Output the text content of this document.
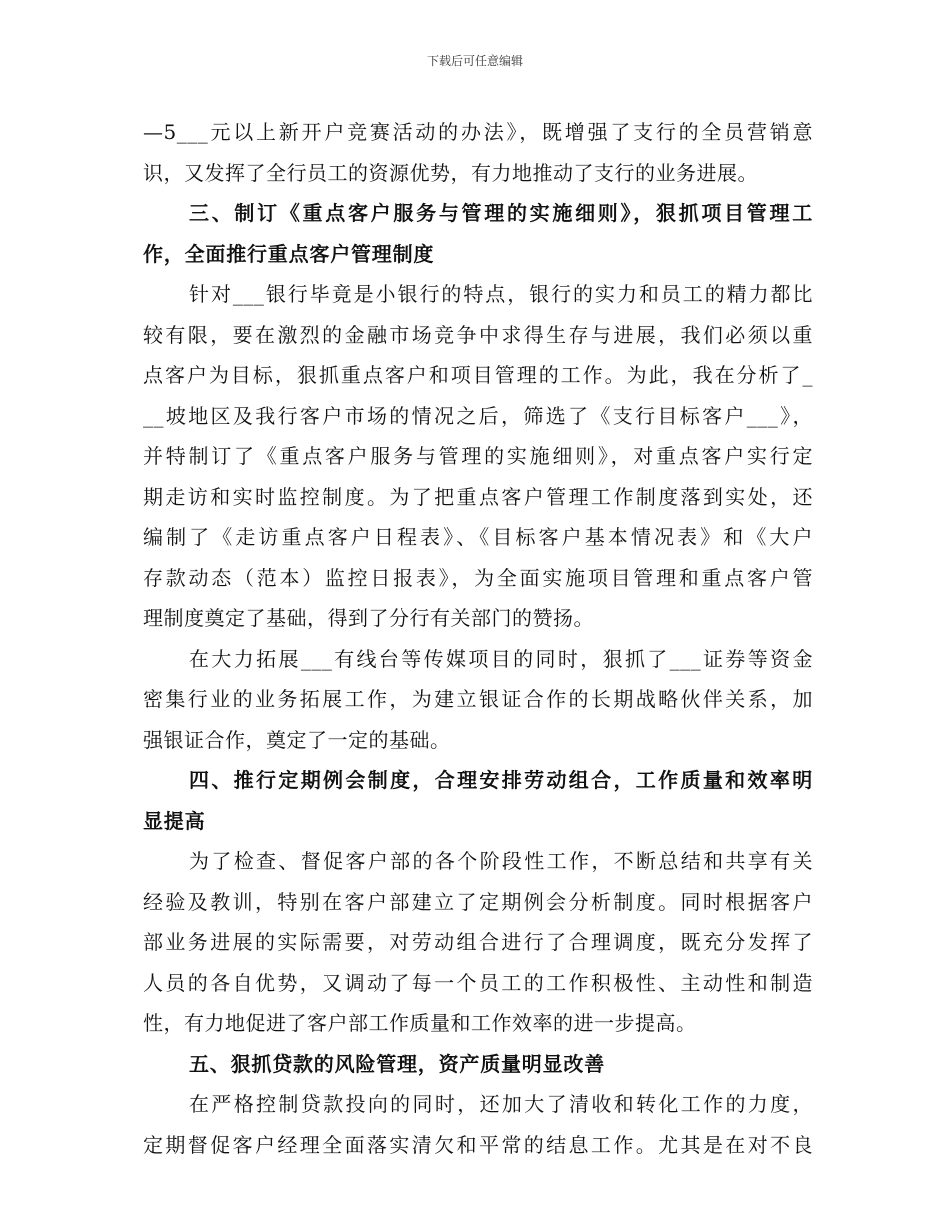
下载后可任意编辑
—5___元以上新开户竞赛活动的办法》，既增强了支行的全员营销意
识，又发挥了全行员工的资源优势，有力地推动了支行的业务进展。
三、制订《重点客户服务与管理的实施细则》，狠抓项目管理工
作，全面推行重点客户管理制度
针对___银行毕竟是小银行的特点，银行的实力和员工的精力都比
较有限，要在激烈的金融市场竞争中求得生存与进展，我们必须以重
点客户为目标，狠抓重点客户和项目管理的工作。为此，我在分析了_
__坡地区及我行客户市场的情况之后，筛选了《支行目标客户___》，
并特制订了《重点客户服务与管理的实施细则》，对重点客户实行定
期走访和实时监控制度。为了把重点客户管理工作制度落到实处，还
编制了《走访重点客户日程表》、《目标客户基本情况表》和《大户
存款动态（范本）监控日报表》，为全面实施项目管理和重点客户管
理制度奠定了基础，得到了分行有关部门的赞扬。
在大力拓展___有线台等传媒项目的同时，狠抓了___证券等资金
密集行业的业务拓展工作，为建立银证合作的长期战略伙伴关系，加
强银证合作，奠定了一定的基础。
四、推行定期例会制度，合理安排劳动组合，工作质量和效率明
显提高
为了检查、督促客户部的各个阶段性工作，不断总结和共享有关
经验及教训，特别在客户部建立了定期例会分析制度。同时根据客户
部业务进展的实际需要，对劳动组合进行了合理调度，既充分发挥了
人员的各自优势，又调动了每一个员工的工作积极性、主动性和制造
性，有力地促进了客户部工作质量和工作效率的进一步提高。
五、狠抓贷款的风险管理，资产质量明显改善
在严格控制贷款投向的同时，还加大了清收和转化工作的力度，
定期督促客户经理全面落实清欠和平常的结息工作。尤其是在对不良
